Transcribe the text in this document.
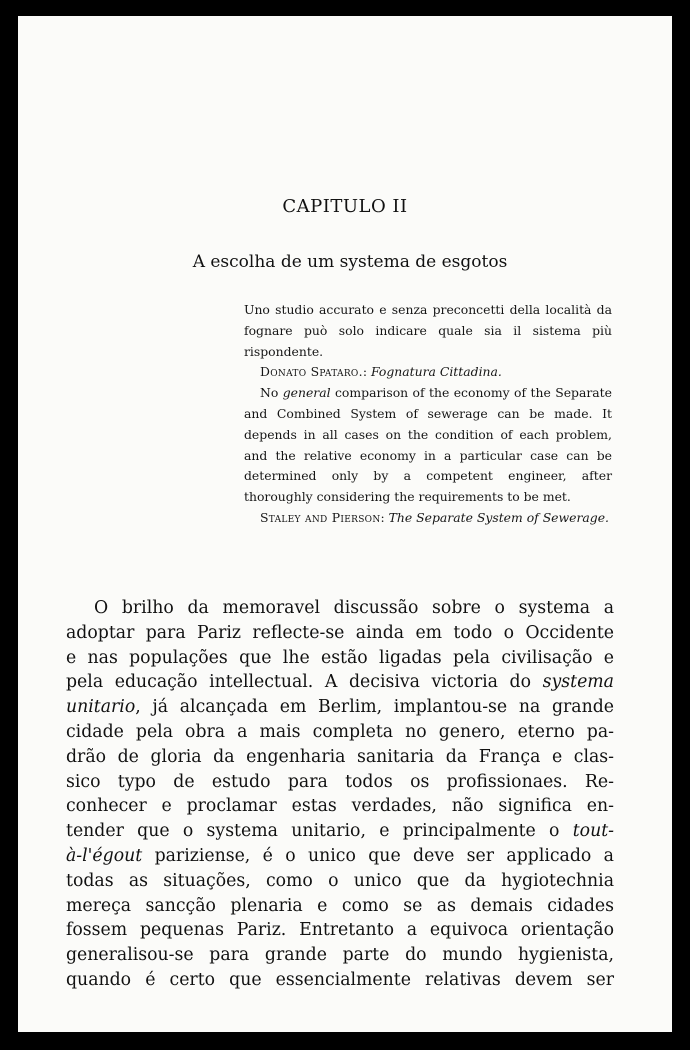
CAPITULO II
A escolha de um systema de esgotos

Uno studio accurato e senza preconcetti della località da fognare può solo indicare quale sia il sistema più rispondente.

Donato Spataro.: Fognatura Cittadina.

No general comparison of the economy of the Separate and Combined System of sewerage can be made. It depends in all cases on the condition of each problem, and the relative economy in a particular case can be determined only by a competent engineer, after thoroughly considering the requirements to be met.

Staley and Pierson: The Separate System of Sewerage.

O brilho da memoravel discussão sobre o systema a
adoptar para Pariz reflecte-se ainda em todo o Occidente
e nas populações que lhe estão ligadas pela civilisação e
pela educação intellectual. A decisiva victoria do systema
unitario, já alcançada em Berlim, implantou-se na grande
cidade pela obra a mais completa no genero, eterno pa-
drão de gloria da engenharia sanitaria da França e clas-
sico typo de estudo para todos os profissionaes. Re-
conhecer e proclamar estas verdades, não significa en-
tender que o systema unitario, e principalmente o tout-
à-l'égout pariziense, é o unico que deve ser applicado a
todas as situações, como o unico que da hygiotechnia
mereça sancção plenaria e como se as demais cidades
fossem pequenas Pariz. Entretanto a equivoca orientação
generalisou-se para grande parte do mundo hygienista,
quando é certo que essencialmente relativas devem ser
